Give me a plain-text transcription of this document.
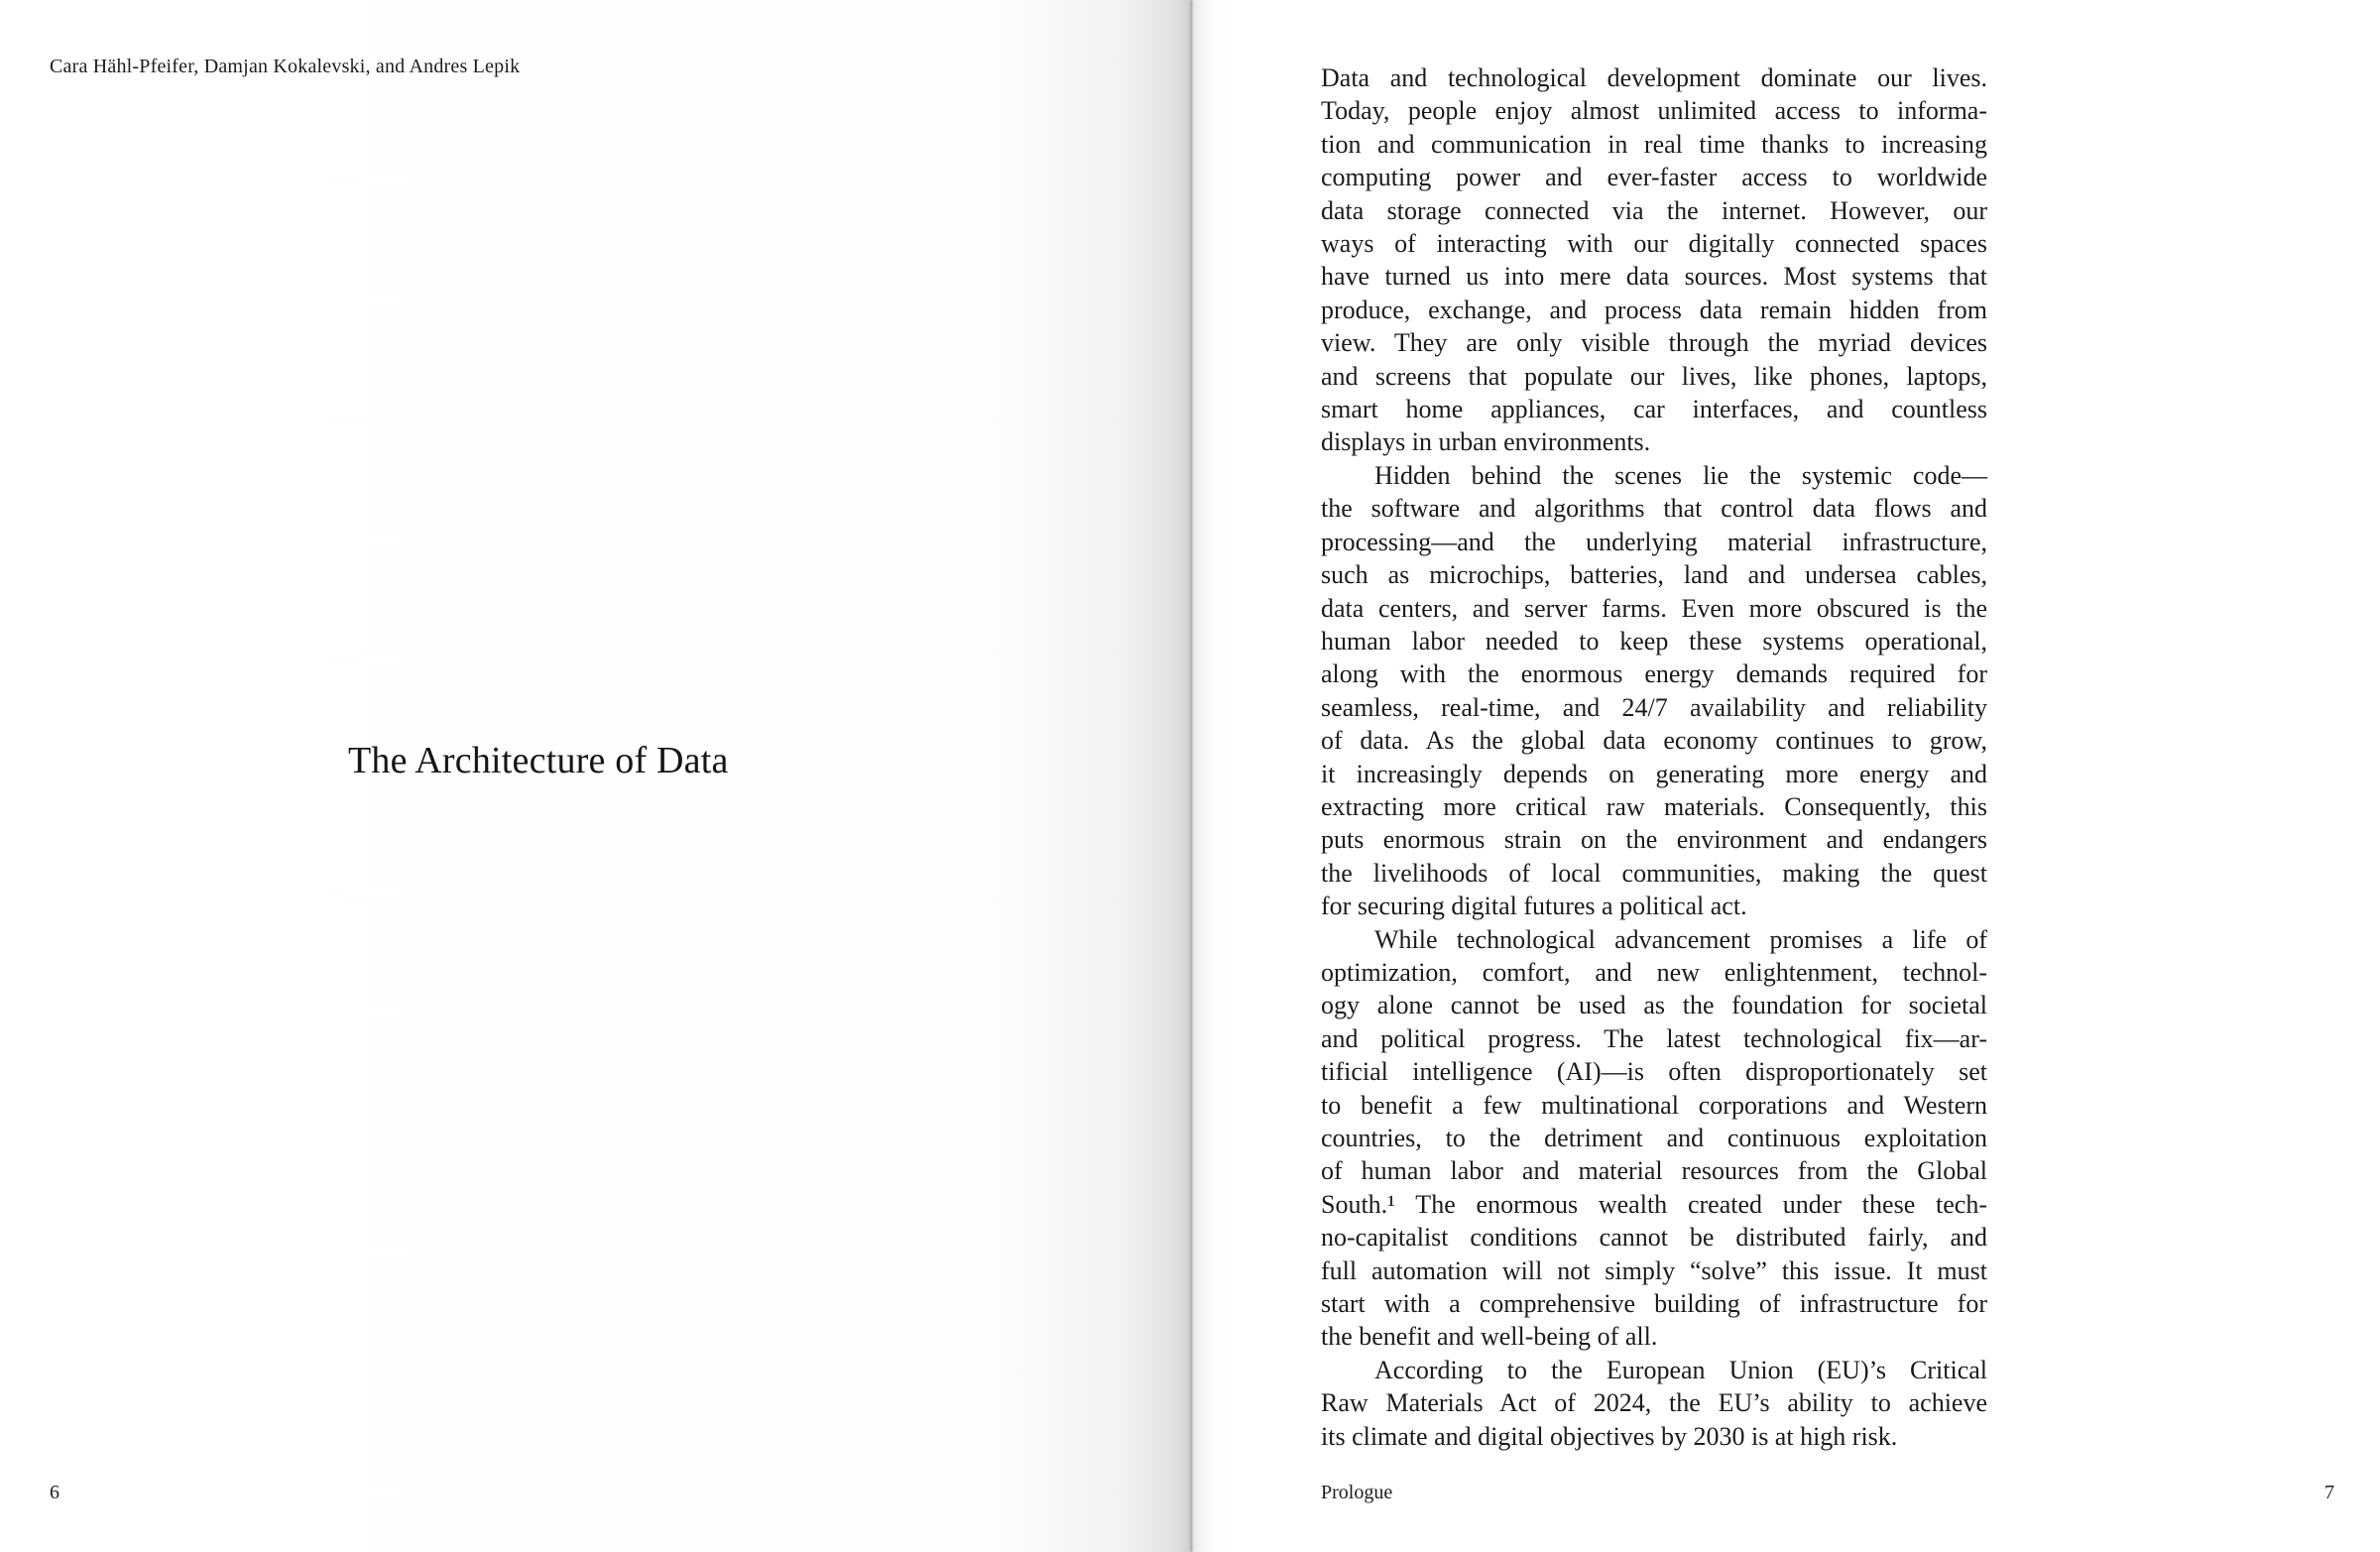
Cara Hähl-Pfeifer, Damjan Kokalevski, and Andres Lepik
The Architecture of Data
6
Data and technological development dominate our lives.
Today, people enjoy almost unlimited access to informa-
tion and communication in real time thanks to increasing
computing power and ever-faster access to worldwide
data storage connected via the internet. However, our
ways of interacting with our digitally connected spaces
have turned us into mere data sources. Most systems that
produce, exchange, and process data remain hidden from
view. They are only visible through the myriad devices
and screens that populate our lives, like phones, laptops,
smart home appliances, car interfaces, and countless
displays in urban environments.
Hidden behind the scenes lie the systemic code—
the software and algorithms that control data flows and
processing—and the underlying material infrastructure,
such as microchips, batteries, land and undersea cables,
data centers, and server farms. Even more obscured is the
human labor needed to keep these systems operational,
along with the enormous energy demands required for
seamless, real-time, and 24/7 availability and reliability
of data. As the global data economy continues to grow,
it increasingly depends on generating more energy and
extracting more critical raw materials. Consequently, this
puts enormous strain on the environment and endangers
the livelihoods of local communities, making the quest
for securing digital futures a political act.
While technological advancement promises a life of
optimization, comfort, and new enlightenment, technol-
ogy alone cannot be used as the foundation for societal
and political progress. The latest technological fix—ar-
tificial intelligence (AI)—is often disproportionately set
to benefit a few multinational corporations and Western
countries, to the detriment and continuous exploitation
of human labor and material resources from the Global
South.¹ The enormous wealth created under these tech-
no-capitalist conditions cannot be distributed fairly, and
full automation will not simply “solve” this issue. It must
start with a comprehensive building of infrastructure for
the benefit and well-being of all.
According to the European Union (EU)’s Critical
Raw Materials Act of 2024, the EU’s ability to achieve
its climate and digital objectives by 2030 is at high risk.
Prologue	7
